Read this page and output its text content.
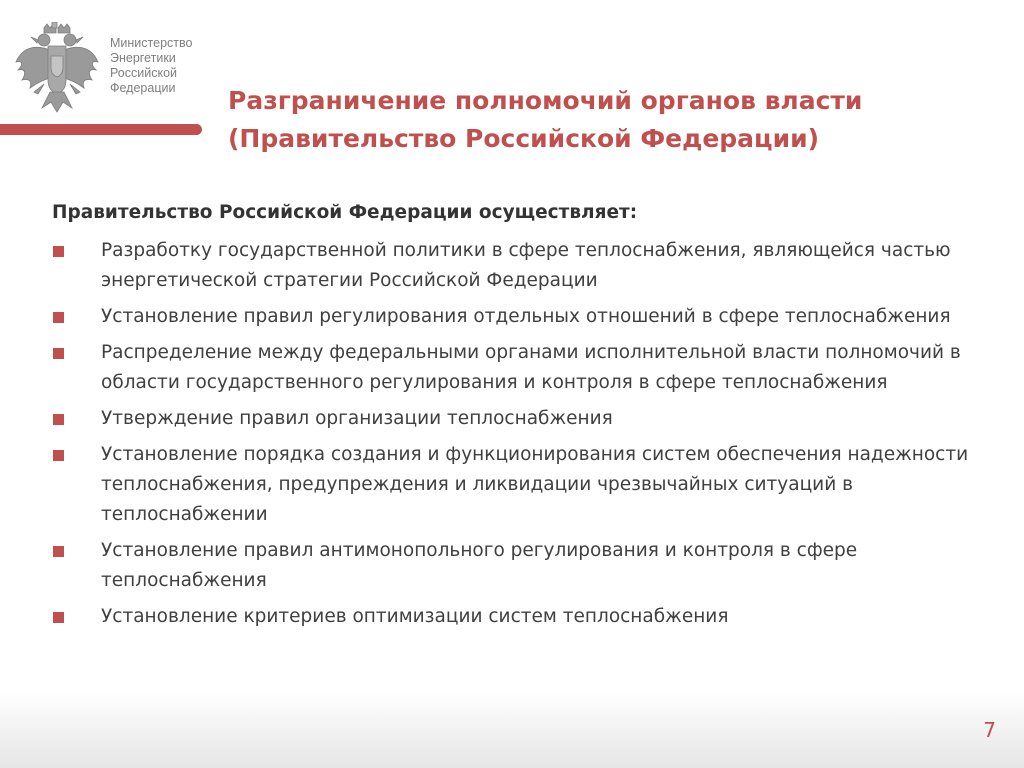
Министерство
Энергетики
Российской
Федерации	Разграничение полномочий органов власти
(Правительство Российской Федерации)
Правительство Российской Федерации осуществляет:
Разработку государственной политики в сфере теплоснабжения, являющейся частью энергетической стратегии Российской Федерации
Установление правил регулирования отдельных отношений в сфере теплоснабжения
Распределение между федеральными органами исполнительной власти полномочий в области государственного регулирования и контроля в сфере теплоснабжения
Утверждение правил организации теплоснабжения
Установление порядка создания и функционирования систем обеспечения надежности теплоснабжения, предупреждения и ликвидации чрезвычайных ситуаций в теплоснабжении
Установление правил антимонопольного регулирования и контроля в сфере теплоснабжения
Установление критериев оптимизации систем теплоснабжения
7
